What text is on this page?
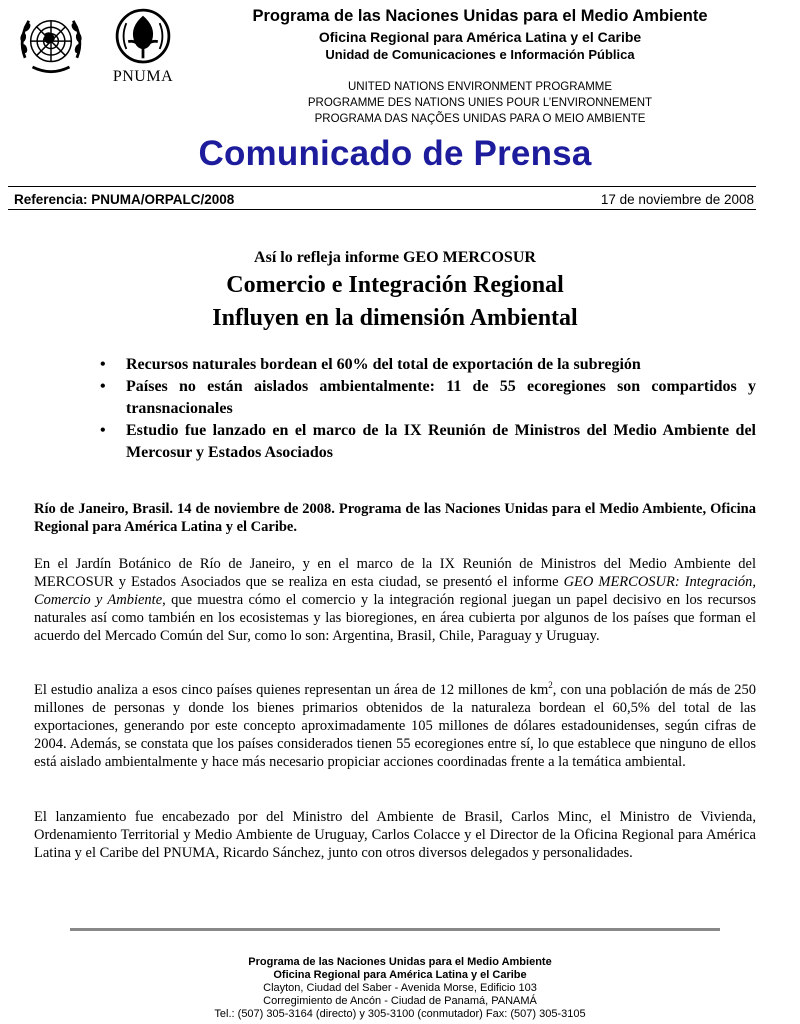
PNUMA
Programa de las Naciones Unidas para el Medio Ambiente
Oficina Regional para América Latina y el Caribe
Unidad de Comunicaciones e Información Pública
UNITED NATIONS ENVIRONMENT PROGRAMME
PROGRAMME DES NATIONS UNIES POUR L’ENVIRONNEMENT
PROGRAMA DAS NAÇÕES UNIDAS PARA O MEIO AMBIENTE
Comunicado de Prensa
Referencia: PNUMA/ORPALC/2008	17 de noviembre de 2008
Así lo refleja informe GEO MERCOSUR
Comercio e Integración Regional
Influyen en la dimensión Ambiental
• Recursos naturales bordean el 60% del total de exportación de la subregión
• Países no están aislados ambientalmente: 11 de 55 ecoregiones son compartidos y transnacionales
• Estudio fue lanzado en el marco de la IX Reunión de Ministros del Medio Ambiente del Mercosur y Estados Asociados

Río de Janeiro, Brasil. 14 de noviembre de 2008. Programa de las Naciones Unidas para el Medio Ambiente, Oficina Regional para América Latina y el Caribe.

En el Jardín Botánico de Río de Janeiro, y en el marco de la IX Reunión de Ministros del Medio Ambiente del MERCOSUR y Estados Asociados que se realiza en esta ciudad, se presentó el informe GEO MERCOSUR: Integración, Comercio y Ambiente, que muestra cómo el comercio y la integración regional juegan un papel decisivo en los recursos naturales así como también en los ecosistemas y las bioregiones, en área cubierta por algunos de los países que forman el acuerdo del Mercado Común del Sur, como lo son: Argentina, Brasil, Chile, Paraguay y Uruguay.

El estudio analiza a esos cinco países quienes representan un área de 12 millones de $km^2$, con una población de más de 250 millones de personas y donde los bienes primarios obtenidos de la naturaleza bordean el 60,5% del total de las exportaciones, generando por este concepto aproximadamente 105 millones de dólares estadounidenses, según cifras de 2004. Además, se constata que los países considerados tienen 55 ecoregiones entre sí, lo que establece que ninguno de ellos está aislado ambientalmente y hace más necesario propiciar acciones coordinadas frente a la temática ambiental.

El lanzamiento fue encabezado por del Ministro del Ambiente de Brasil, Carlos Minc, el Ministro de Vivienda, Ordenamiento Territorial y Medio Ambiente de Uruguay, Carlos Colacce y el Director de la Oficina Regional para América Latina y el Caribe del PNUMA, Ricardo Sánchez, junto con otros diversos delegados y personalidades.

Programa de las Naciones Unidas para el Medio Ambiente
Oficina Regional para América Latina y el Caribe
Clayton, Ciudad del Saber - Avenida Morse, Edificio 103
Corregimiento de Ancón - Ciudad de Panamá, PANAMÁ
Tel.: (507) 305-3164 (directo) y 305-3100 (conmutador) Fax: (507) 305-3105
